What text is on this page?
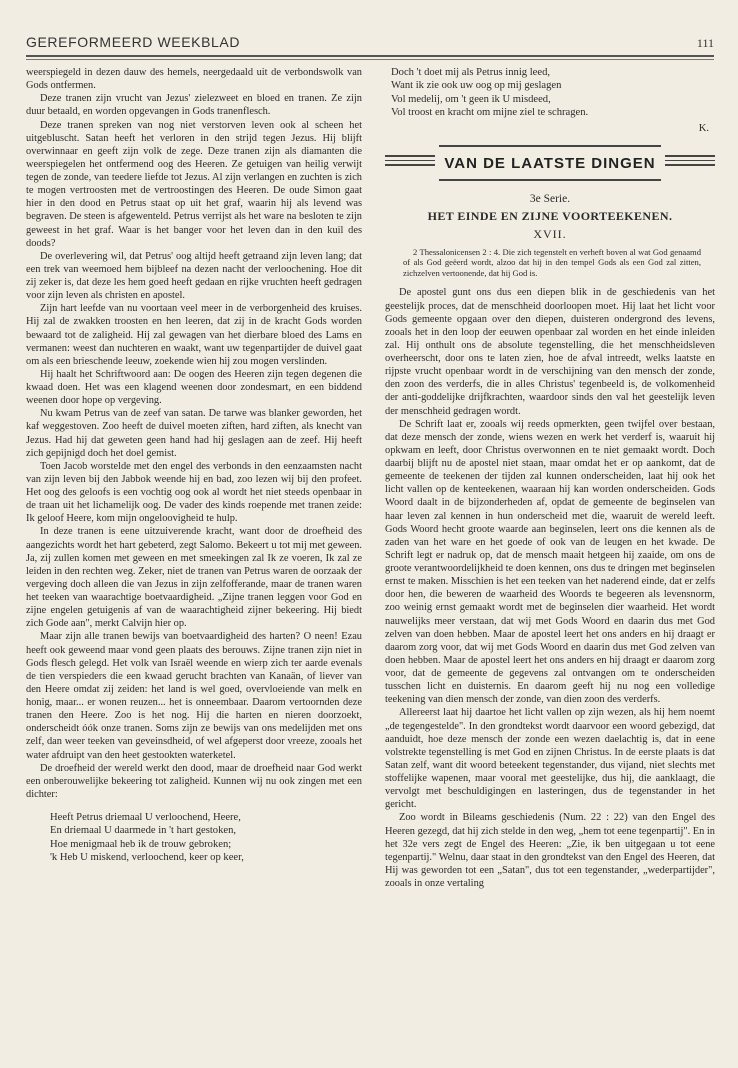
GEREFORMEERD WEEKBLAD	111

weerspiegeld in dezen dauw des hemels, neergedaald uit de verbondswolk van Gods ontfermen.

Deze tranen zijn vrucht van Jezus' zielezweet en bloed en tranen. Ze zijn duur betaald, en worden opgevangen in Gods tranenflesch.

Deze tranen spreken van nog niet verstorven leven ook al scheen het uitgebluscht. Satan heeft het verloren in den strijd tegen Jezus. Hij blijft overwinnaar en geeft zijn volk de zege. Deze tranen zijn als diamanten die weerspiegelen het ontfermend oog des Heeren. Ze getuigen van heilig verwijt tegen de zonde, van teedere liefde tot Jezus. Al zijn verlangen en zuchten is zich te mogen vertroosten met de vertroostingen des Heeren. De oude Simon gaat hier in den dood en Petrus staat op uit het graf, waarin hij als levend was begraven. De steen is afgewenteld. Petrus verrijst als het ware na besloten te zijn geweest in het graf. Waar is het banger voor het leven dan in den kuil des doods?

De overlevering wil, dat Petrus' oog altijd heeft getraand zijn leven lang; dat een trek van weemoed hem bijbleef na dezen nacht der verloochening. Hoe dit zij zeker is, dat deze les hem goed heeft gedaan en rijke vruchten heeft gedragen voor zijn leven als christen en apostel.

Zijn hart leefde van nu voortaan veel meer in de verborgenheid des kruises. Hij zal de zwakken troosten en hen leeren, dat zij in de kracht Gods worden bewaard tot de zaligheid. Hij zal gewagen van het dierbare bloed des Lams en vermanen: weest dan nuchteren en waakt, want uw tegenpartijder de duivel gaat om als een brieschende leeuw, zoekende wien hij zou mogen verslinden.

Hij haalt het Schriftwoord aan: De oogen des Heeren zijn tegen degenen die kwaad doen. Het was een klagend weenen door zondesmart, en een biddend weenen door hope op vergeving.

Nu kwam Petrus van de zeef van satan. De tarwe was blanker geworden, het kaf weggestoven. Zoo heeft de duivel moeten ziften, hard ziften, als knecht van Jezus. Had hij dat geweten geen hand had hij geslagen aan de zeef. Hij heeft zich gepijnigd doch het doel gemist.

Toen Jacob worstelde met den engel des verbonds in den eenzaamsten nacht van zijn leven bij den Jabbok weende hij en bad, zoo lezen wij bij den profeet. Het oog des geloofs is een vochtig oog ook al wordt het niet steeds openbaar in de traan uit het lichamelijk oog. De vader des kinds roepende met tranen zeide: Ik geloof Heere, kom mijn ongeloovigheid te hulp.

In deze tranen is eene uitzuiverende kracht, want door de droefheid des aangezichts wordt het hart gebeterd, zegt Salomo. Bekeert u tot mij met geween. Ja, zij zullen komen met geween en met smeekingen zal Ik ze voeren, Ik zal ze leiden in den rechten weg. Zeker, niet de tranen van Petrus waren de oorzaak der vergeving doch alleen die van Jezus in zijn zelfofferande, maar de tranen waren het teeken van waarachtige boetvaardigheid. „Zijne tranen leggen voor God en zijne engelen getuigenis af van de waarachtigheid zijner bekeering. Hij biedt zich Gode aan", merkt Calvijn hier op.

Maar zijn alle tranen bewijs van boetvaardigheid des harten? O neen! Ezau heeft ook geweend maar vond geen plaats des berouws. Zijne tranen zijn niet in Gods flesch gelegd. Het volk van Israël weende en wierp zich ter aarde evenals de tien verspieders die een kwaad gerucht brachten van Kanaän, of liever van den Heere omdat zij zeiden: het land is wel goed, overvloeiende van melk en honig, maar... er wonen reuzen... het is onneembaar. Daarom vertoornden deze tranen den Heere. Zoo is het nog. Hij die harten en nieren doorzoekt, onderscheidt óók onze tranen. Soms zijn ze bewijs van ons medelijden met ons zelf, dan weer teeken van geveinsdheid, of wel afgeperst door vreeze, zooals het water afdruipt van den heet gestookten waterketel.

De droefheid der wereld werkt den dood, maar de droefheid naar God werkt een onberouwelijke bekeering tot zaligheid. Kunnen wij nu ook zingen met een dichter:

Heeft Petrus driemaal U verloochend, Heere,
En driemaal U daarmede in 't hart gestoken,
Hoe menigmaal heb ik de trouw gebroken;
'k Heb U miskend, verloochend, keer op keer,
Doch 't doet mij als Petrus innig leed,
Want ik zie ook uw oog op mij geslagen
Vol medelij, om 't geen ik U misdeed,
Vol troost en kracht om mijne ziel te schragen.
K.
VAN DE LAATSTE DINGEN
3e Serie.
HET EINDE EN ZIJNE VOORTEEKENEN.
XVII.
2 Thessalonicensen 2 : 4. Die zich tegenstelt en verheft boven al wat God genaamd of als God geëerd wordt, alzoo dat hij in den tempel Gods als een God zal zitten, zichzelven vertoonende, dat hij God is.

De apostel gunt ons dus een diepen blik in de geschiedenis van het geestelijk proces, dat de menschheid doorloopen moet. Hij laat het licht voor Gods gemeente opgaan over den diepen, duisteren ondergrond des levens, zooals het in den loop der eeuwen openbaar zal worden en het einde inleiden zal. Hij onthult ons de absolute tegenstelling, die het menschheidsleven overheerscht, door ons te laten zien, hoe de afval intreedt, welks laatste en rijpste vrucht openbaar wordt in de verschijning van den mensch der zonde, den zoon des verderfs, die in alles Christus' tegenbeeld is, de volkomenheid der anti-goddelijke drijfkrachten, waardoor sinds den val het geestelijk leven der menschheid gedragen wordt.

De Schrift laat er, zooals wij reeds opmerkten, geen twijfel over bestaan, dat deze mensch der zonde, wiens wezen en werk het verderf is, waaruit hij opkwam en leeft, door Christus overwonnen en te niet gemaakt wordt. Doch daarbij blijft nu de apostel niet staan, maar omdat het er op aankomt, dat de gemeente de teekenen der tijden zal kunnen onderscheiden, laat hij ook het licht vallen op de kenteekenen, waaraan hij kan worden onderscheiden. Gods Woord daalt in de bijzonderheden af, opdat de gemeente de beginselen van haar leven zal kennen in hun onderscheid met die, waaruit de wereld leeft. Gods Woord hecht groote waarde aan beginselen, leert ons die kennen als de zaden van het ware en het goede of ook van de leugen en het kwade. De Schrift legt er nadruk op, dat de mensch maait hetgeen hij zaaide, om ons de groote verantwoordelijkheid te doen kennen, ons dus te dringen met beginselen ernst te maken. Misschien is het een teeken van het naderend einde, dat er zelfs door hen, die beweren de waarheid des Woords te begeeren als levensnorm, zoo weinig ernst gemaakt wordt met de beginselen dier waarheid. Het wordt nauwelijks meer verstaan, dat wij met Gods Woord en daarin dus met God zelven van doen hebben. Maar de apostel leert het ons anders en hij draagt er daarom zorg voor, dat wij met Gods Woord en daarin dus met God zelven van doen hebben. Maar de apostel leert het ons anders en hij draagt er daarom zorg voor, dat de gemeente de gegevens zal ontvangen om te onderscheiden tusschen licht en duisternis. En daarom geeft hij nu nog een volledige teekening van dien mensch der zonde, van dien zoon des verderfs.

Allereerst laat hij daartoe het licht vallen op zijn wezen, als hij hem noemt „de tegengestelde". In den grondtekst wordt daarvoor een woord gebezigd, dat aanduidt, hoe deze mensch der zonde een wezen daelachtig is, dat in eene volstrekte tegenstelling is met God en zijnen Christus. In de eerste plaats is dat Satan zelf, want dit woord beteekent tegenstander, dus vijand, niet slechts met stoffelijke wapenen, maar vooral met geestelijke, dus hij, die aanklaagt, die vervolgt met beschuldigingen en lasteringen, dus de tegenstander in het gericht.

Zoo wordt in Bileams geschiedenis (Num. 22 : 22) van den Engel des Heeren gezegd, dat hij zich stelde in den weg, „hem tot eene tegenpartij". En in het 32e vers zegt de Engel des Heeren: „Zie, ik ben uitgegaan u tot eene tegenpartij." Welnu, daar staat in den grondtekst van den Engel des Heeren, dat Hij was geworden tot een „Satan", dus tot een tegenstander, „wederpartijder", zooals in onze vertaling
